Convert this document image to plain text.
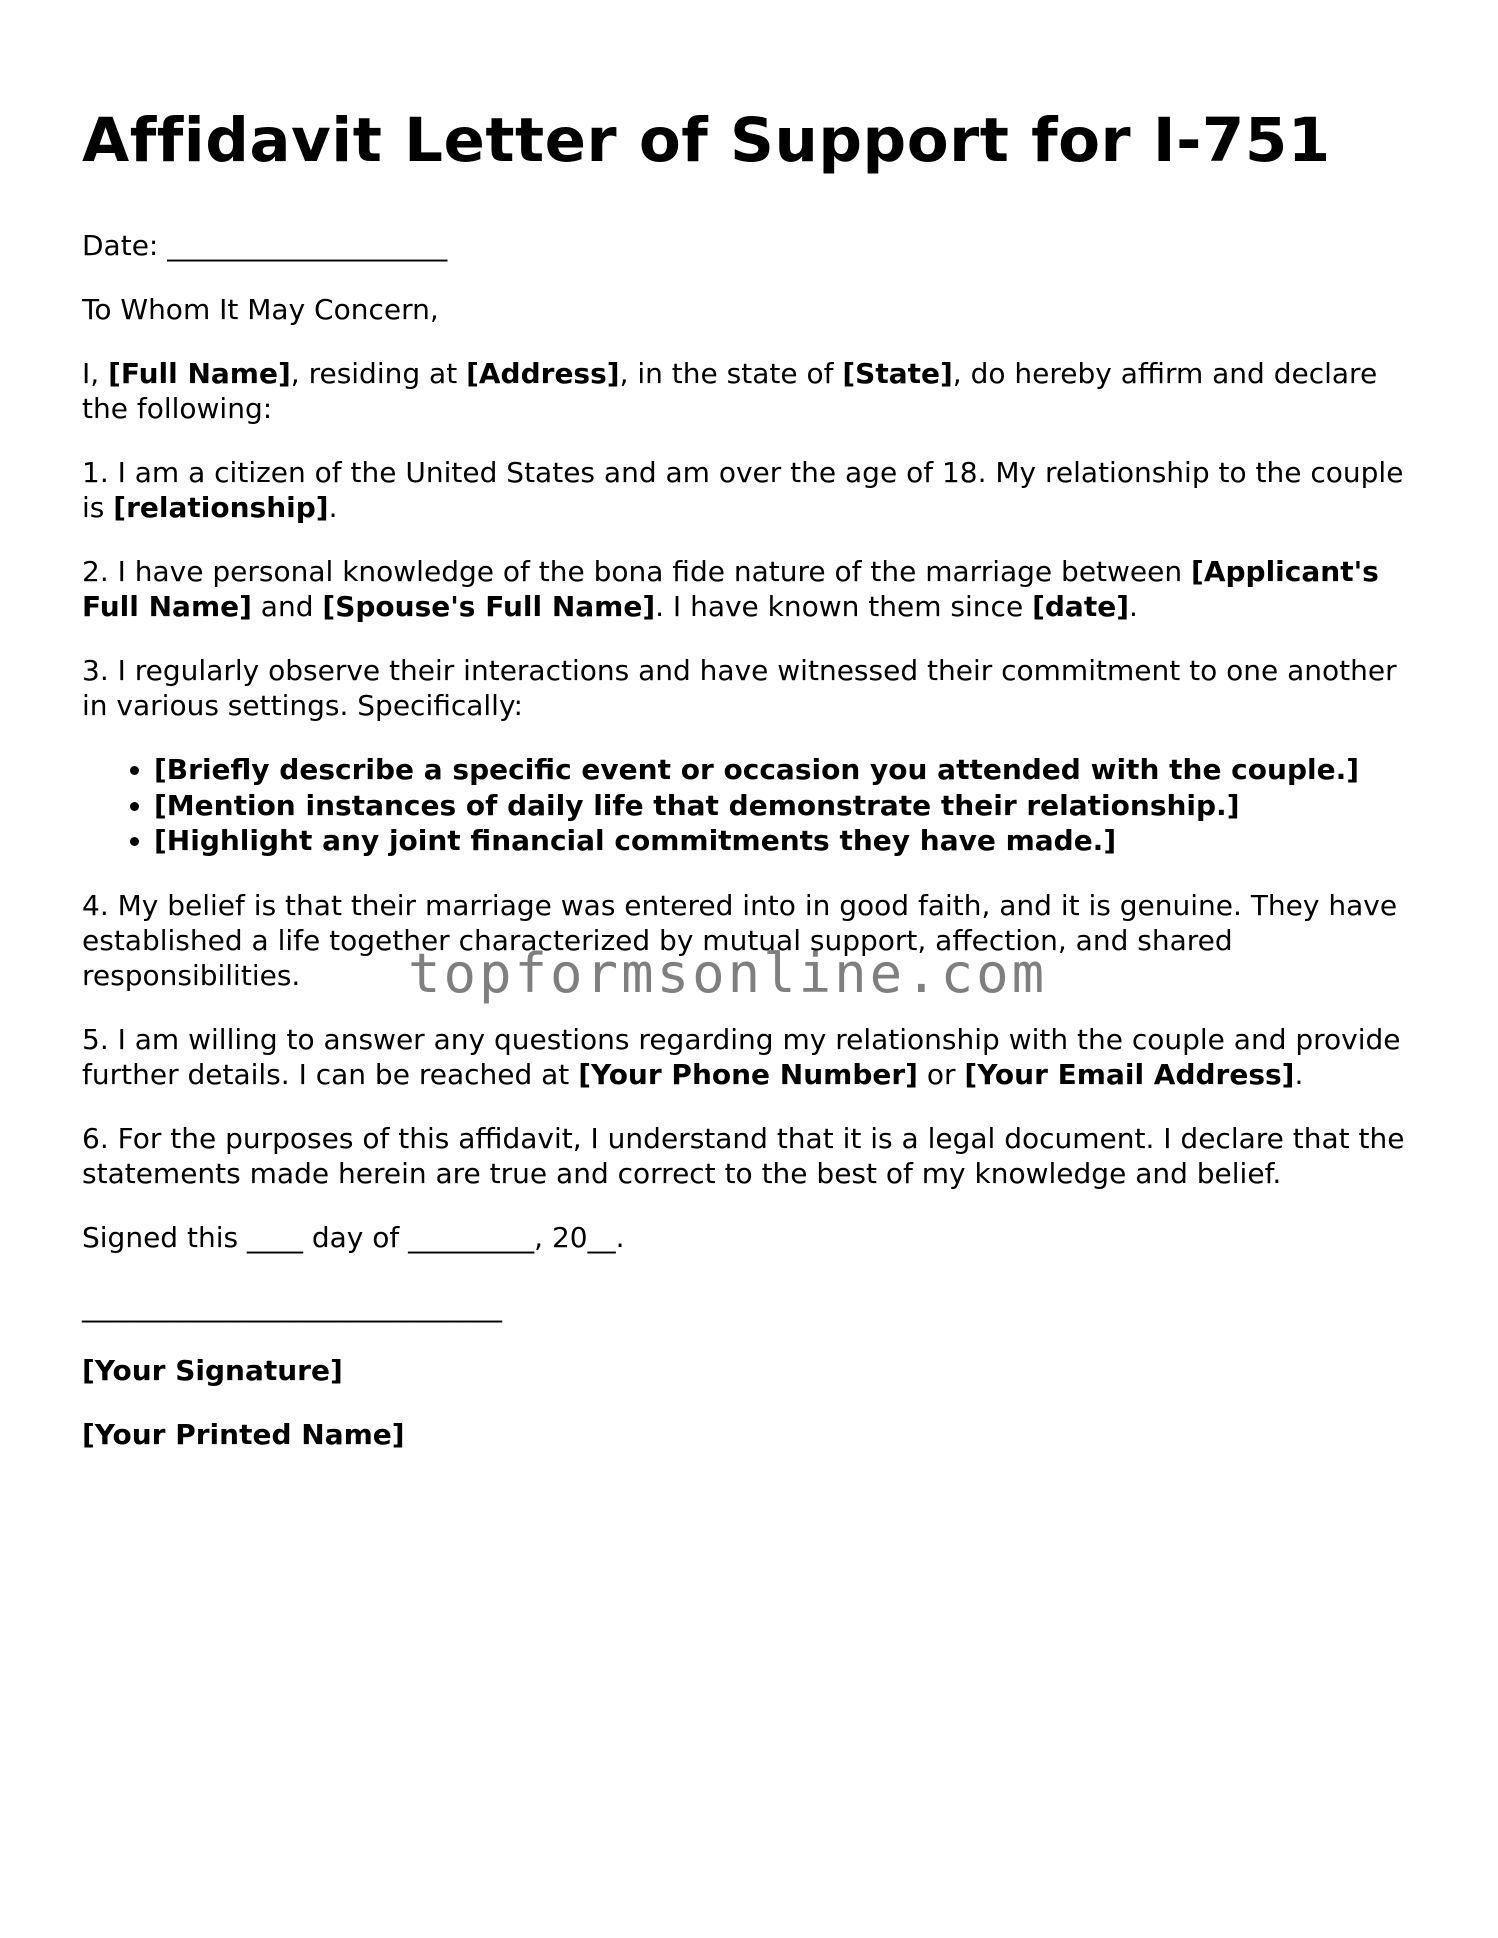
Affidavit Letter of Support for I-751

Date: ____________________

To Whom It May Concern,

I, [Full Name], residing at [Address], in the state of [State], do hereby affirm and declare the following:

1. I am a citizen of the United States and am over the age of 18. My relationship to the couple is [relationship].

2. I have personal knowledge of the bona fide nature of the marriage between [Applicant's Full Name] and [Spouse's Full Name]. I have known them since [date].

3. I regularly observe their interactions and have witnessed their commitment to one another in various settings. Specifically:

• [Briefly describe a specific event or occasion you attended with the couple.]
• [Mention instances of daily life that demonstrate their relationship.]
• [Highlight any joint financial commitments they have made.]

4. My belief is that their marriage was entered into in good faith, and it is genuine. They have established a life together characterized by mutual support, affection, and shared responsibilities.

5. I am willing to answer any questions regarding my relationship with the couple and provide further details. I can be reached at [Your Phone Number] or [Your Email Address].

6. For the purposes of this affidavit, I understand that it is a legal document. I declare that the statements made herein are true and correct to the best of my knowledge and belief.

Signed this ____ day of _________, 20__.

______________________________

[Your Signature]

[Your Printed Name]

topformsonline.com
